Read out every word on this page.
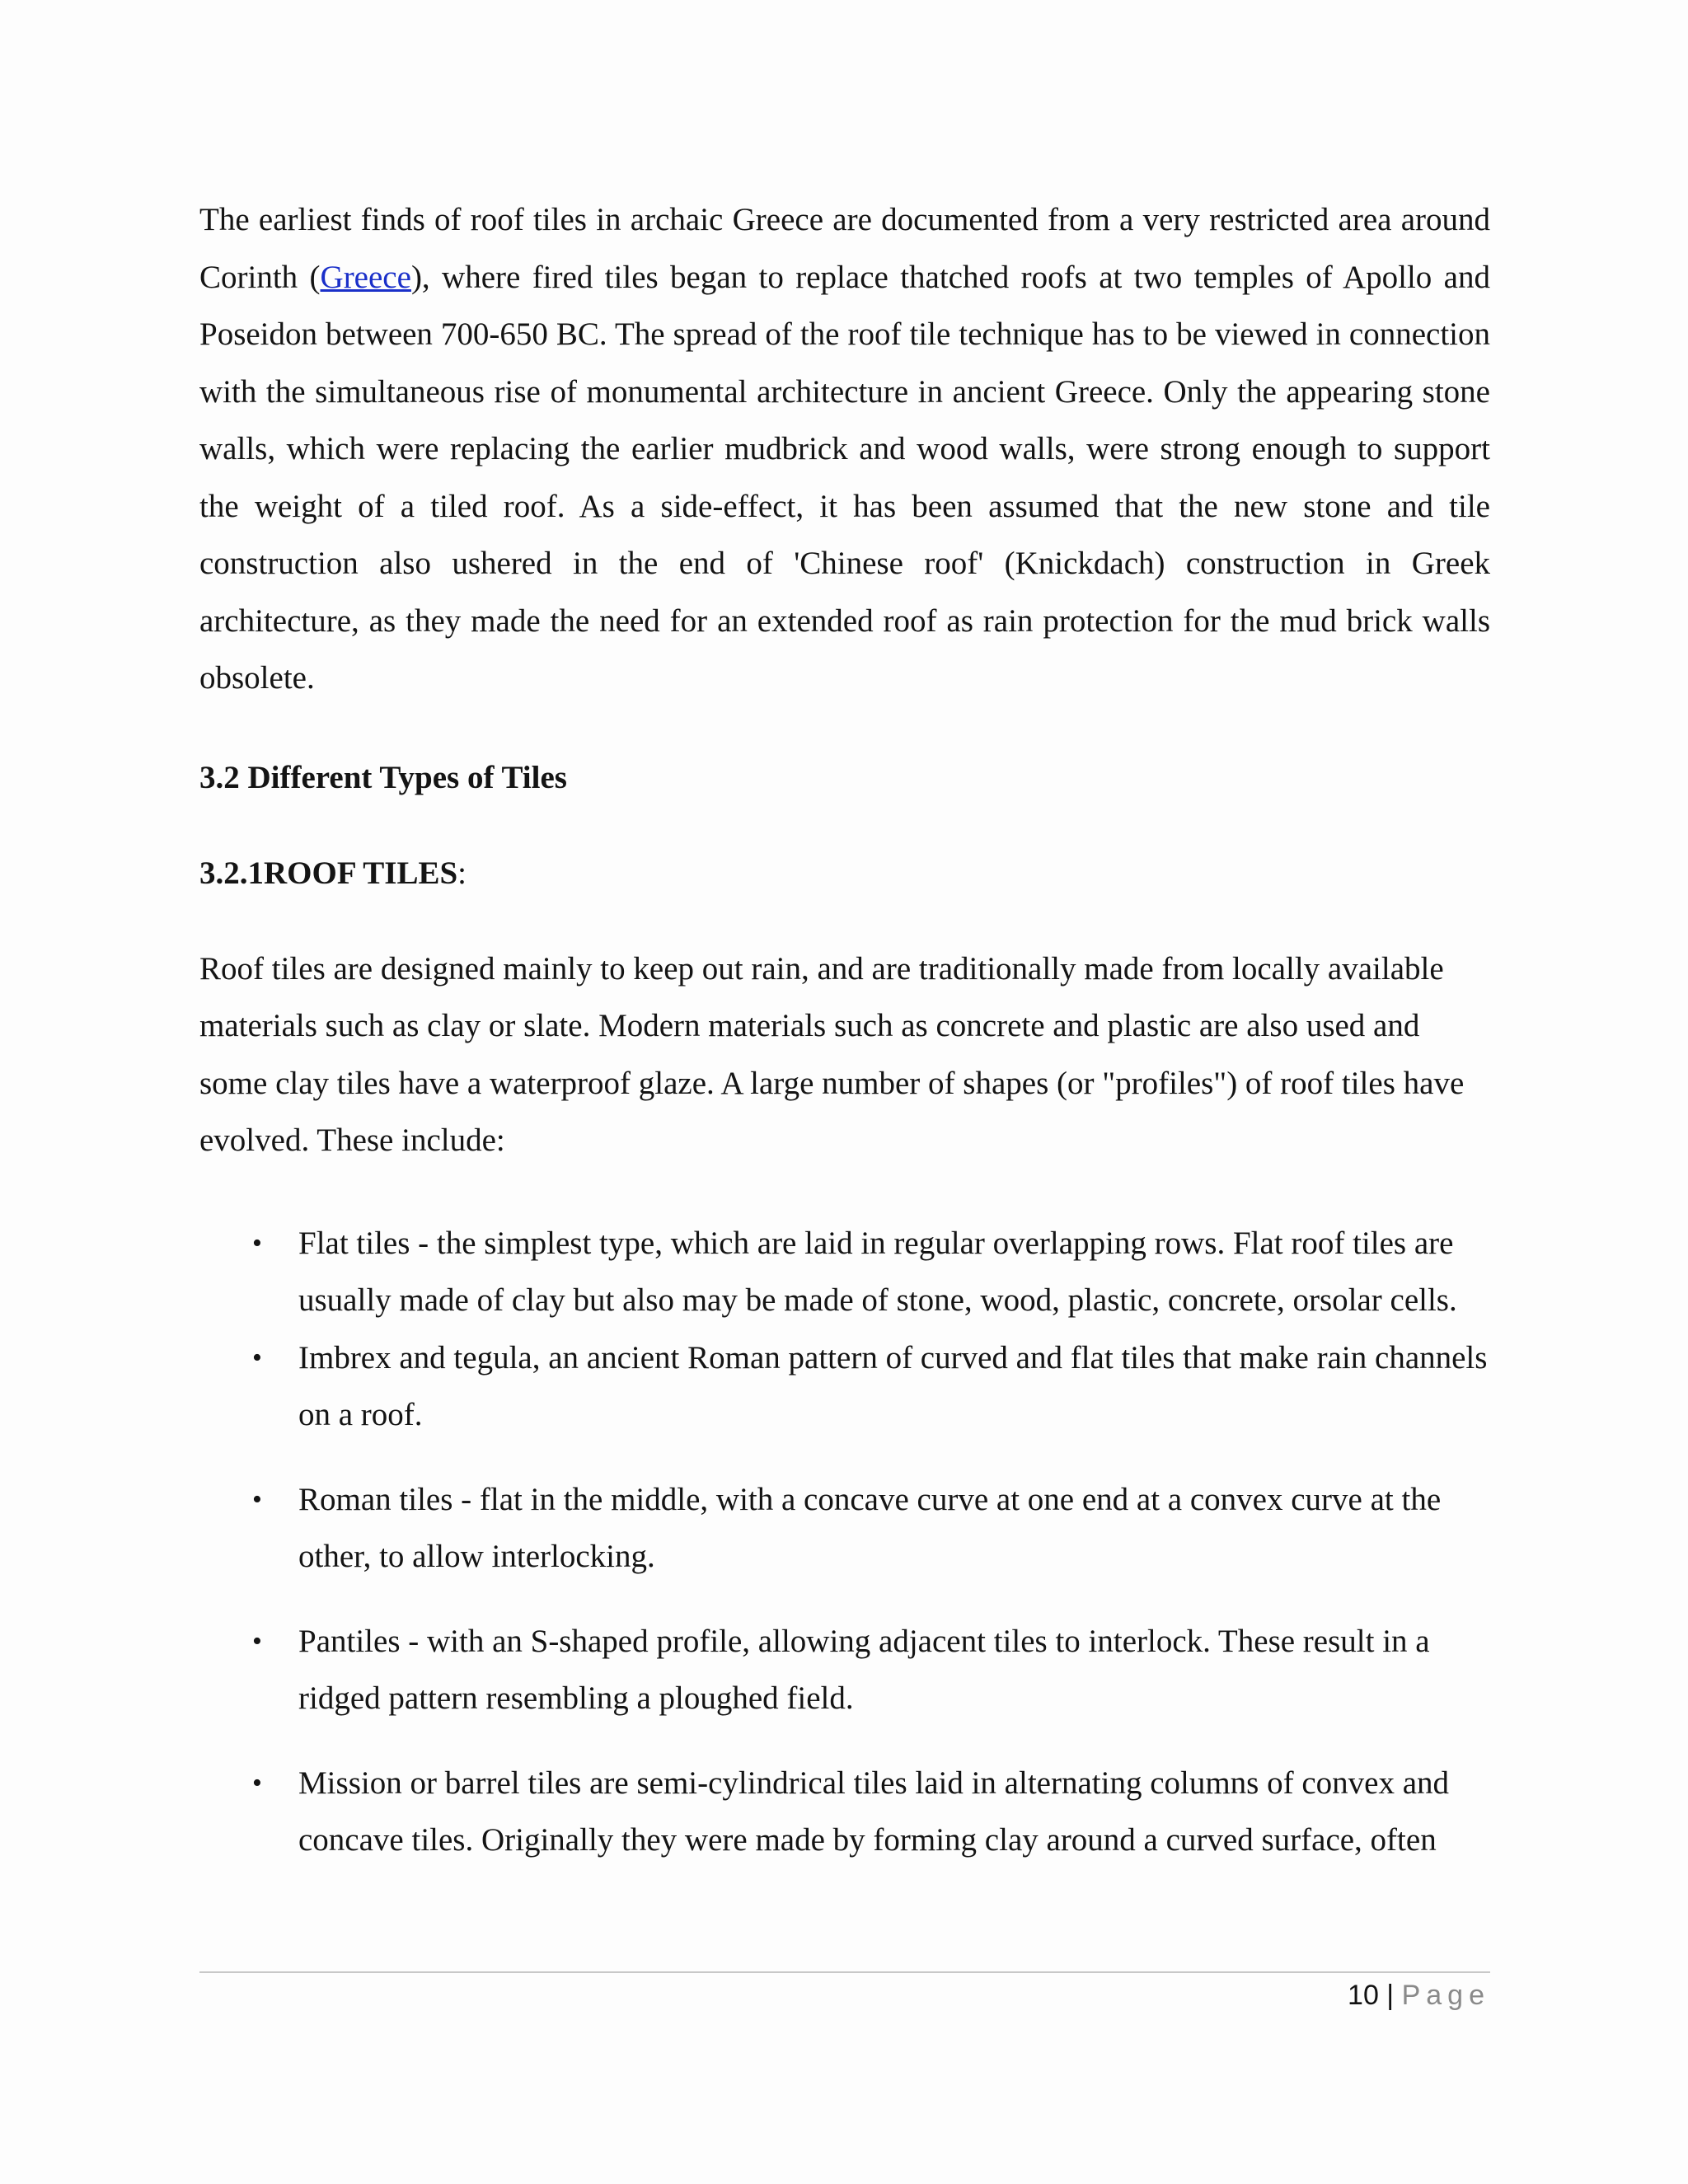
The earliest finds of roof tiles in archaic Greece are documented from a very restricted area around Corinth (Greece), where fired tiles began to replace thatched roofs at two temples of Apollo and Poseidon between 700-650 BC. The spread of the roof tile technique has to be viewed in connection with the simultaneous rise of monumental architecture in ancient Greece. Only the appearing stone walls, which were replacing the earlier mudbrick and wood walls, were strong enough to support the weight of a tiled roof. As a side-effect, it has been assumed that the new stone and tile construction also ushered in the end of 'Chinese roof' (Knickdach) construction in Greek architecture, as they made the need for an extended roof as rain protection for the mud brick walls obsolete.

3.2 Different Types of Tiles

3.2.1ROOF TILES:

Roof tiles are designed mainly to keep out rain, and are traditionally made from locally available materials such as clay or slate. Modern materials such as concrete and plastic are also used and some clay tiles have a waterproof glaze. A large number of shapes (or "profiles") of roof tiles have evolved. These include:

• Flat tiles - the simplest type, which are laid in regular overlapping rows. Flat roof tiles are usually made of clay but also may be made of stone, wood, plastic, concrete, orsolar cells.
• Imbrex and tegula, an ancient Roman pattern of curved and flat tiles that make rain channels on a roof.
• Roman tiles - flat in the middle, with a concave curve at one end at a convex curve at the other, to allow interlocking.
• Pantiles - with an S-shaped profile, allowing adjacent tiles to interlock. These result in a ridged pattern resembling a ploughed field.
• Mission or barrel tiles are semi-cylindrical tiles laid in alternating columns of convex and concave tiles. Originally they were made by forming clay around a curved surface, often
10 | Page
